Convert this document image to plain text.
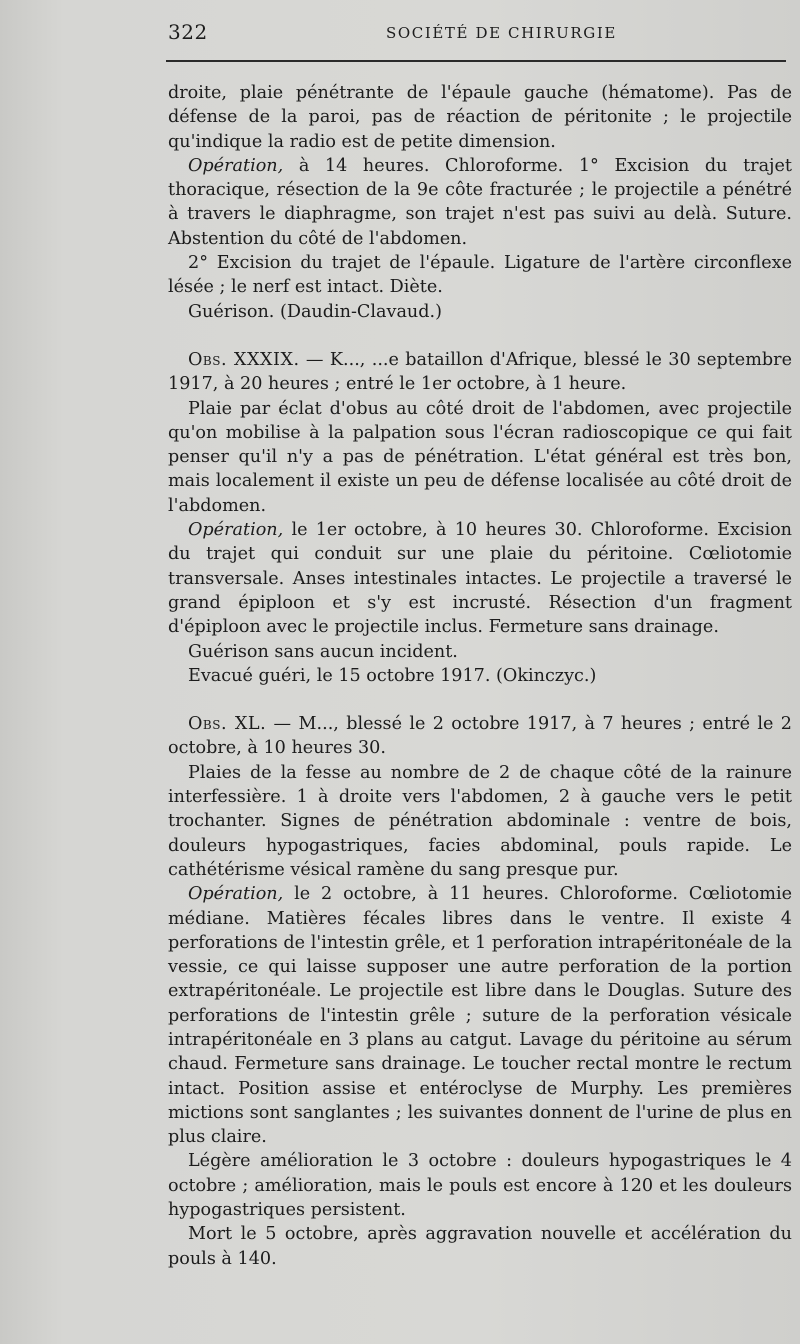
322	SOCIÉTÉ DE CHIRURGIE

droite, plaie pénétrante de l'épaule gauche (hématome). Pas de défense de la paroi, pas de réaction de péritonite ; le projectile qu'indique la radio est de petite dimension.

Opération, à 14 heures. Chloroforme. 1° Excision du trajet thoracique, résection de la 9e côte fracturée ; le projectile a pénétré à travers le diaphragme, son trajet n'est pas suivi au delà. Suture. Abstention du côté de l'abdomen.

2° Excision du trajet de l'épaule. Ligature de l'artère circonflexe lésée ; le nerf est intact. Diète.

Guérison. (Daudin-Clavaud.)

Obs. XXXIX. — K..., ...e bataillon d'Afrique, blessé le 30 septembre 1917, à 20 heures ; entré le 1er octobre, à 1 heure.

Plaie par éclat d'obus au côté droit de l'abdomen, avec projectile qu'on mobilise à la palpation sous l'écran radioscopique ce qui fait penser qu'il n'y a pas de pénétration. L'état général est très bon, mais localement il existe un peu de défense localisée au côté droit de l'abdomen.

Opération, le 1er octobre, à 10 heures 30. Chloroforme. Excision du trajet qui conduit sur une plaie du péritoine. Cœliotomie transversale. Anses intestinales intactes. Le projectile a traversé le grand épiploon et s'y est incrusté. Résection d'un fragment d'épiploon avec le projectile inclus. Fermeture sans drainage.

Guérison sans aucun incident.

Evacué guéri, le 15 octobre 1917. (Okinczyc.)

Obs. XL. — M..., blessé le 2 octobre 1917, à 7 heures ; entré le 2 octobre, à 10 heures 30.

Plaies de la fesse au nombre de 2 de chaque côté de la rainure interfessière. 1 à droite vers l'abdomen, 2 à gauche vers le petit trochanter. Signes de pénétration abdominale : ventre de bois, douleurs hypogastriques, facies abdominal, pouls rapide. Le cathétérisme vésical ramène du sang presque pur.

Opération, le 2 octobre, à 11 heures. Chloroforme. Cœliotomie médiane. Matières fécales libres dans le ventre. Il existe 4 perforations de l'intestin grêle, et 1 perforation intrapéritonéale de la vessie, ce qui laisse supposer une autre perforation de la portion extrapéritonéale. Le projectile est libre dans le Douglas. Suture des perforations de l'intestin grêle ; suture de la perforation vésicale intrapéritonéale en 3 plans au catgut. Lavage du péritoine au sérum chaud. Fermeture sans drainage. Le toucher rectal montre le rectum intact. Position assise et entéroclyse de Murphy. Les premières mictions sont sanglantes ; les suivantes donnent de l'urine de plus en plus claire.

Légère amélioration le 3 octobre : douleurs hypogastriques le 4 octobre ; amélioration, mais le pouls est encore à 120 et les douleurs hypogastriques persistent.

Mort le 5 octobre, après aggravation nouvelle et accélération du pouls à 140.
